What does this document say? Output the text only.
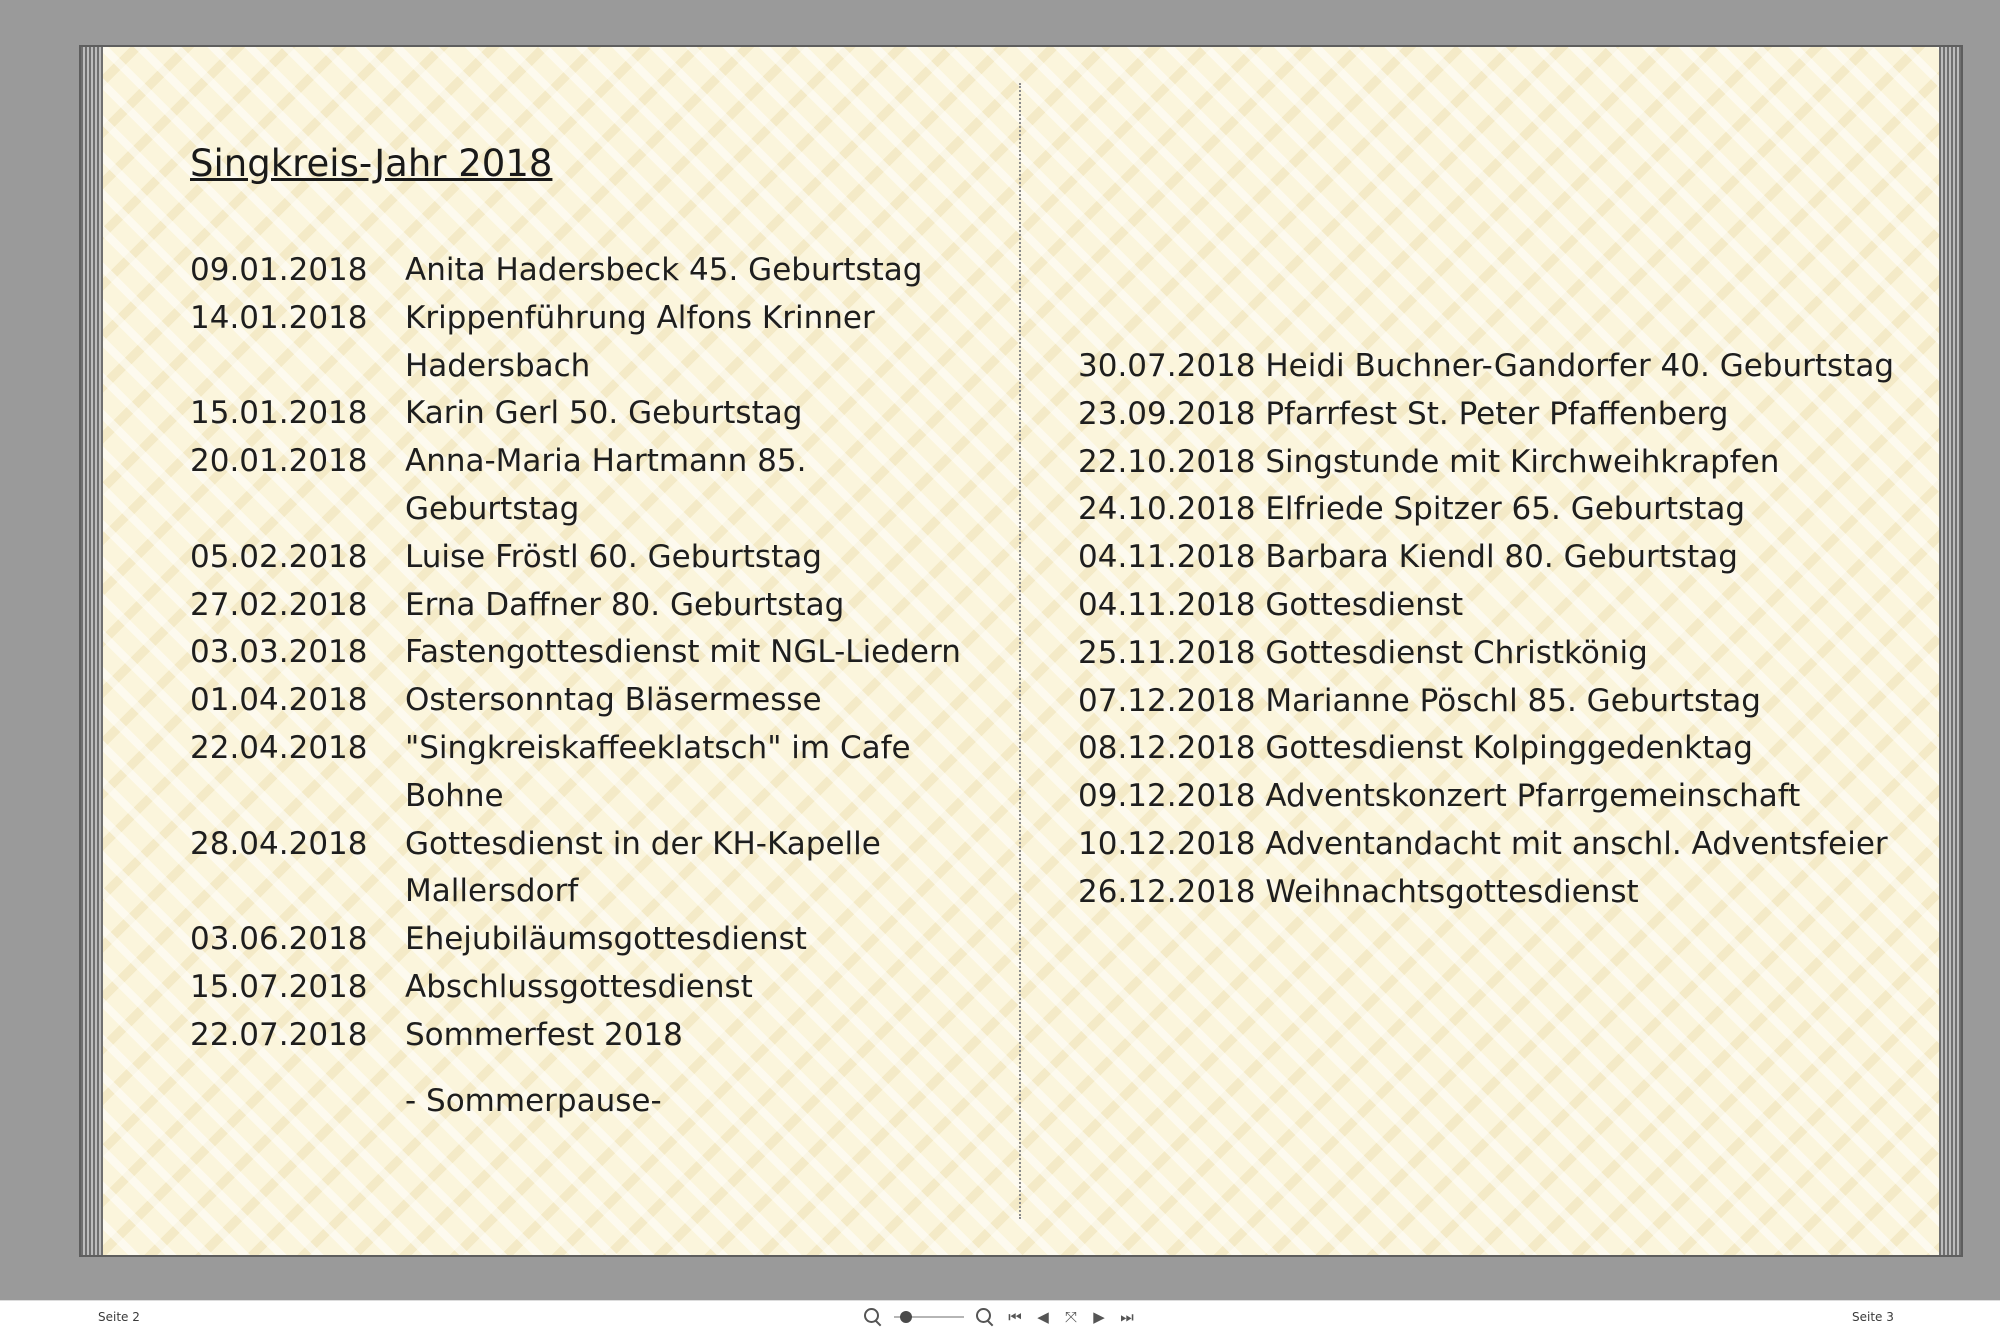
Singkreis-Jahr 2018
09.01.2018	Anita Hadersbeck 45. Geburtstag
14.01.2018	Krippenführung Alfons Krinner Hadersbach
15.01.2018	Karin Gerl 50. Geburtstag
20.01.2018	Anna-Maria Hartmann 85. Geburtstag
05.02.2018	Luise Fröstl 60. Geburtstag
27.02.2018	Erna Daffner 80. Geburtstag
03.03.2018	Fastengottesdienst mit NGL-Liedern
01.04.2018	Ostersonntag Bläsermesse
22.04.2018	"Singkreiskaffeeklatsch" im Cafe Bohne
28.04.2018	Gottesdienst in der KH-Kapelle Mallersdorf
03.06.2018	Ehejubiläumsgottesdienst
15.07.2018	Abschlussgottesdienst
22.07.2018	Sommerfest 2018
- Sommerpause-
30.07.2018 Heidi Buchner-Gandorfer 40. Geburtstag
23.09.2018 Pfarrfest St. Peter Pfaffenberg
22.10.2018 Singstunde mit Kirchweihkrapfen
24.10.2018 Elfriede Spitzer 65. Geburtstag
04.11.2018 Barbara Kiendl 80. Geburtstag
04.11.2018 Gottesdienst
25.11.2018 Gottesdienst Christkönig
07.12.2018 Marianne Pöschl 85. Geburtstag
08.12.2018 Gottesdienst Kolpinggedenktag
09.12.2018 Adventskonzert Pfarrgemeinschaft
10.12.2018 Adventandacht mit anschl. Adventsfeier
26.12.2018 Weihnachtsgottesdienst
Seite 2	⏮ ◀ ⤧ ▶ ⏭	Seite 3
